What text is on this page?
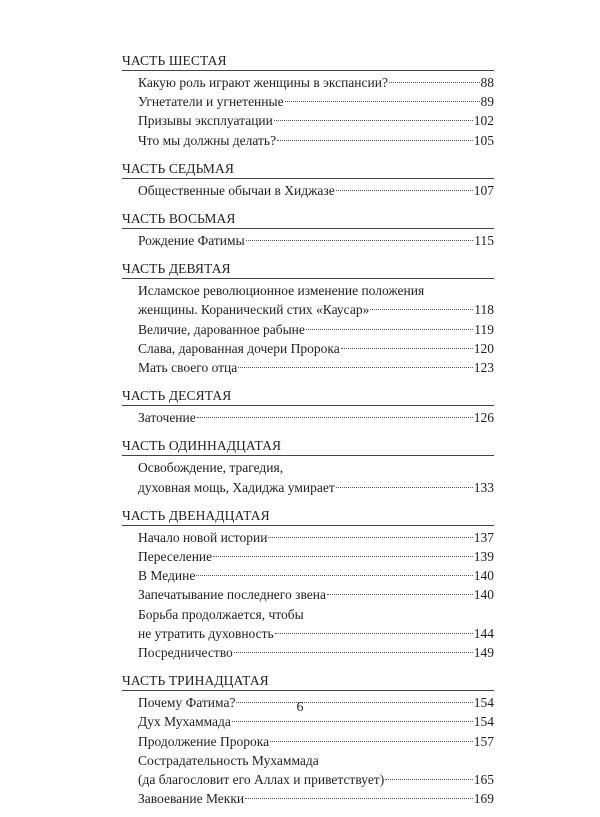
ЧАСТЬ ШЕСТАЯ
Какую роль играют женщины в экспансии?	88
Угнетатели и угнетенные	89
Призывы эксплуатации	102
Что мы должны делать?	105
ЧАСТЬ СЕДЬМАЯ
Общественные обычаи в Хиджазе	107
ЧАСТЬ ВОСЬМАЯ
Рождение Фатимы	115
ЧАСТЬ ДЕВЯТАЯ
Исламское революционное изменение положения
женщины. Коранический стих «Каусар»	118
Величие, дарованное рабыне	119
Слава, дарованная дочери Пророка	120
Мать своего отца	123
ЧАСТЬ ДЕСЯТАЯ
Заточение	126
ЧАСТЬ ОДИННАДЦАТАЯ
Освобождение, трагедия,
духовная мощь, Хадиджа умирает	133
ЧАСТЬ ДВЕНАДЦАТАЯ
Начало новой истории	137
Переселение	139
В Медине	140
Запечатывание последнего звена	140
Борьба продолжается, чтобы
не утратить духовность	144
Посредничество	149
ЧАСТЬ ТРИНАДЦАТАЯ
Почему Фатима?	154
Дух Мухаммада	154
Продолжение Пророка	157
Сострадательность Мухаммада
(да благословит его Аллах и приветствует)	165
Завоевание Мекки	169
6
